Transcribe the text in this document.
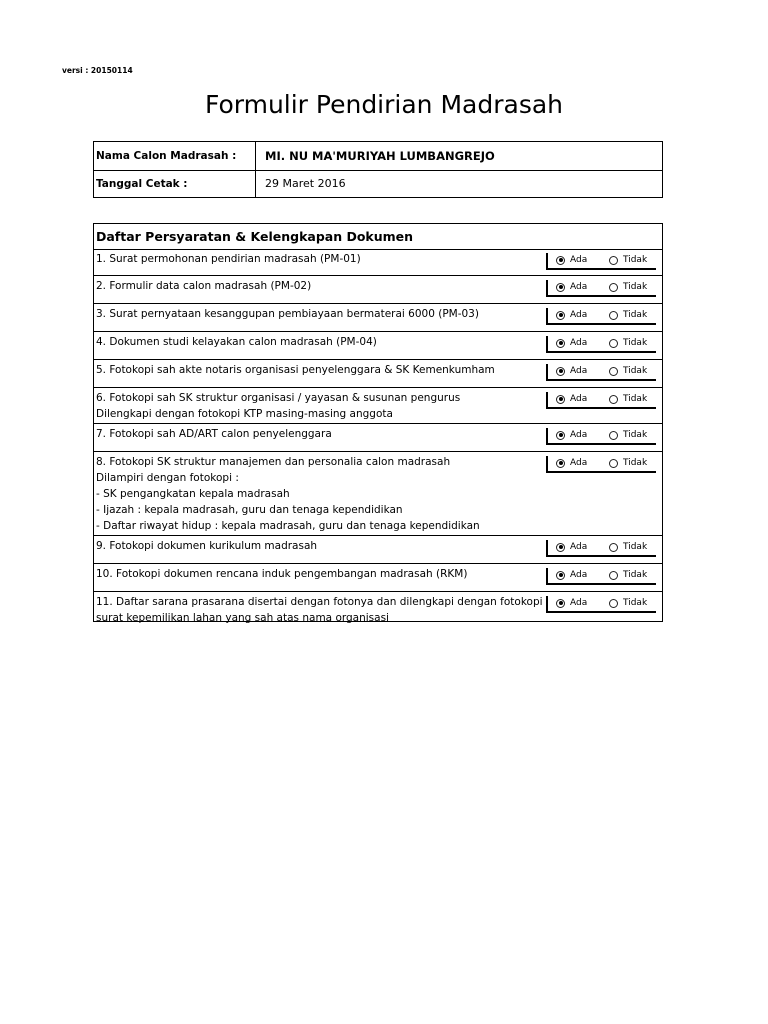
versi : 20150114
Formulir Pendirian Madrasah
Nama Calon Madrasah : MI. NU MA'MURIYAH LUMBANGREJO
Tanggal Cetak :	29 Maret 2016
Daftar Persyaratan & Kelengkapan Dokumen
1. Surat permohonan pendirian madrasah (PM-01)	Ada	Tidak
2. Formulir data calon madrasah (PM-02)	Ada	Tidak
3. Surat pernyataan kesanggupan pembiayaan bermaterai 6000 (PM-03)	Ada	Tidak
4. Dokumen studi kelayakan calon madrasah (PM-04)	Ada	Tidak
5. Fotokopi sah akte notaris organisasi penyelenggara & SK Kemenkumham	Ada	Tidak
6. Fotokopi sah SK struktur organisasi / yayasan & susunan pengurus
Dilengkapi dengan fotokopi KTP masing-masing anggota
Ada	Tidak
7. Fotokopi sah AD/ART calon penyelenggara	Ada	Tidak
8. Fotokopi SK struktur manajemen dan personalia calon madrasah
Dilampiri dengan fotokopi :
- SK pengangkatan kepala madrasah
- Ijazah : kepala madrasah, guru dan tenaga kependidikan
- Daftar riwayat hidup : kepala madrasah, guru dan tenaga kependidikan
Ada	Tidak
9. Fotokopi dokumen kurikulum madrasah	Ada	Tidak
10. Fotokopi dokumen rencana induk pengembangan madrasah (RKM)	Ada	Tidak
11. Daftar sarana prasarana disertai dengan fotonya dan dilengkapi dengan fotokopi
surat kepemilikan lahan yang sah atas nama organisasi
Ada	Tidak
